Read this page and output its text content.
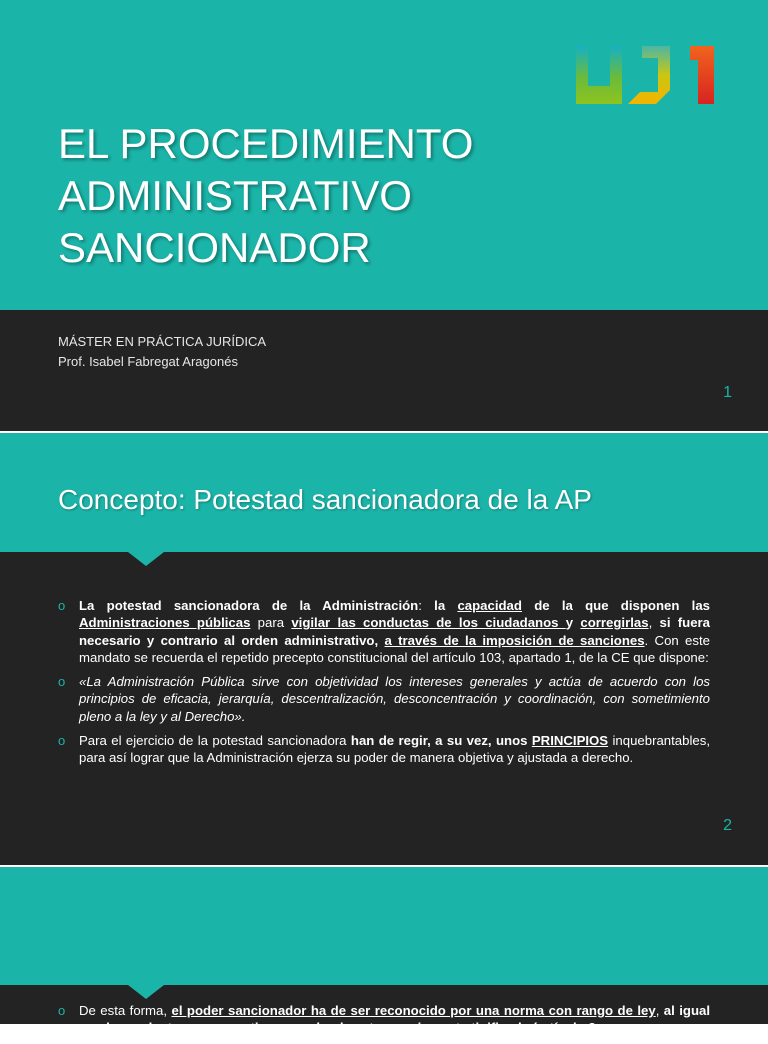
EL PROCEDIMIENTO
ADMINISTRATIVO
SANCIONADOR
MÁSTER EN PRÁCTICA JURÍDICA
Prof. Isabel Fabregat Aragonés
1
Concepto: Potestad sancionadora de la AP
o La potestad sancionadora de la Administración: la capacidad de la que disponen las Administraciones públicas para vigilar las conductas de los ciudadanos y corregirlas, si fuera necesario y contrario al orden administrativo, a través de la imposición de sanciones. Con este mandato se recuerda el repetido precepto constitucional del artículo 103, apartado 1, de la CE que dispone:
o «La Administración Pública sirve con objetividad los intereses generales y actúa de acuerdo con los principios de eficacia, jerarquía, descentralización, desconcentración y coordinación, con sometimiento pleno a la ley y al Derecho».
o Para el ejercicio de la potestad sancionadora han de regir, a su vez, unos PRINCIPIOS inquebrantables, para así lograr que la Administración ejerza su poder de manera objetiva y ajustada a derecho.
2
o De esta forma, el poder sancionador ha de ser reconocido por una norma con rango de ley, al igual que la conducta que se castigue, que ha de estar previamente tipificada (artículo 2
